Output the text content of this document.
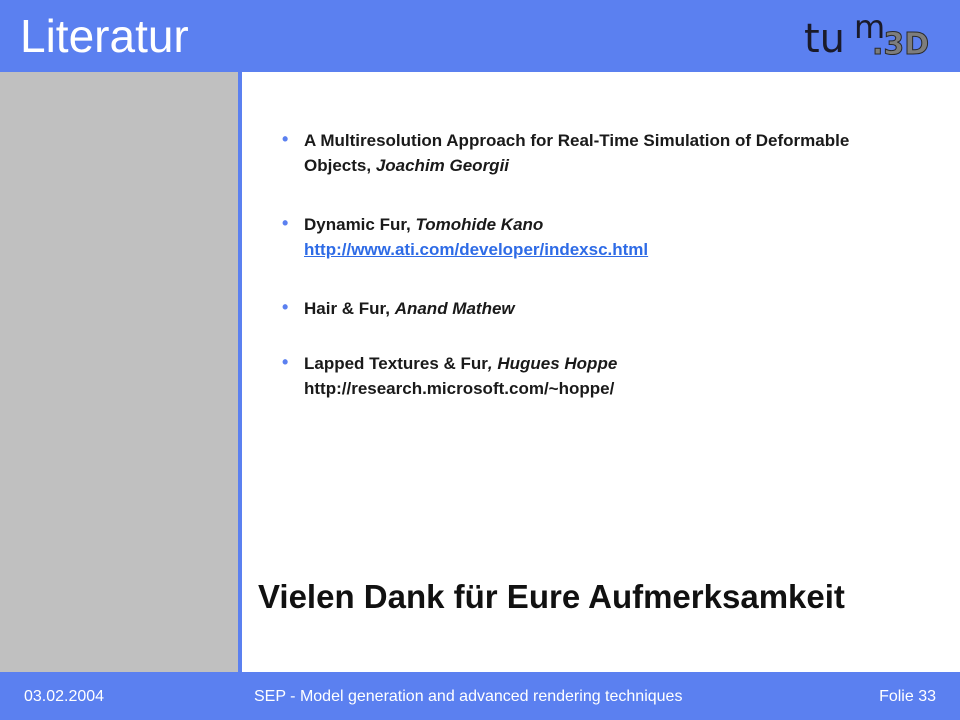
Literatur	tu m
.3D
• A Multiresolution Approach for Real-Time Simulation of Deformable Objects, Joachim Georgii
• Dynamic Fur, Tomohide Kano
http://www.ati.com/developer/indexsc.html
• Hair & Fur, Anand Mathew
• Lapped Textures & Fur, Hugues Hoppe
http://research.microsoft.com/~hoppe/
Vielen Dank für Eure Aufmerksamkeit
03.02.2004	SEP - Model generation and advanced rendering techniques	Folie 33
